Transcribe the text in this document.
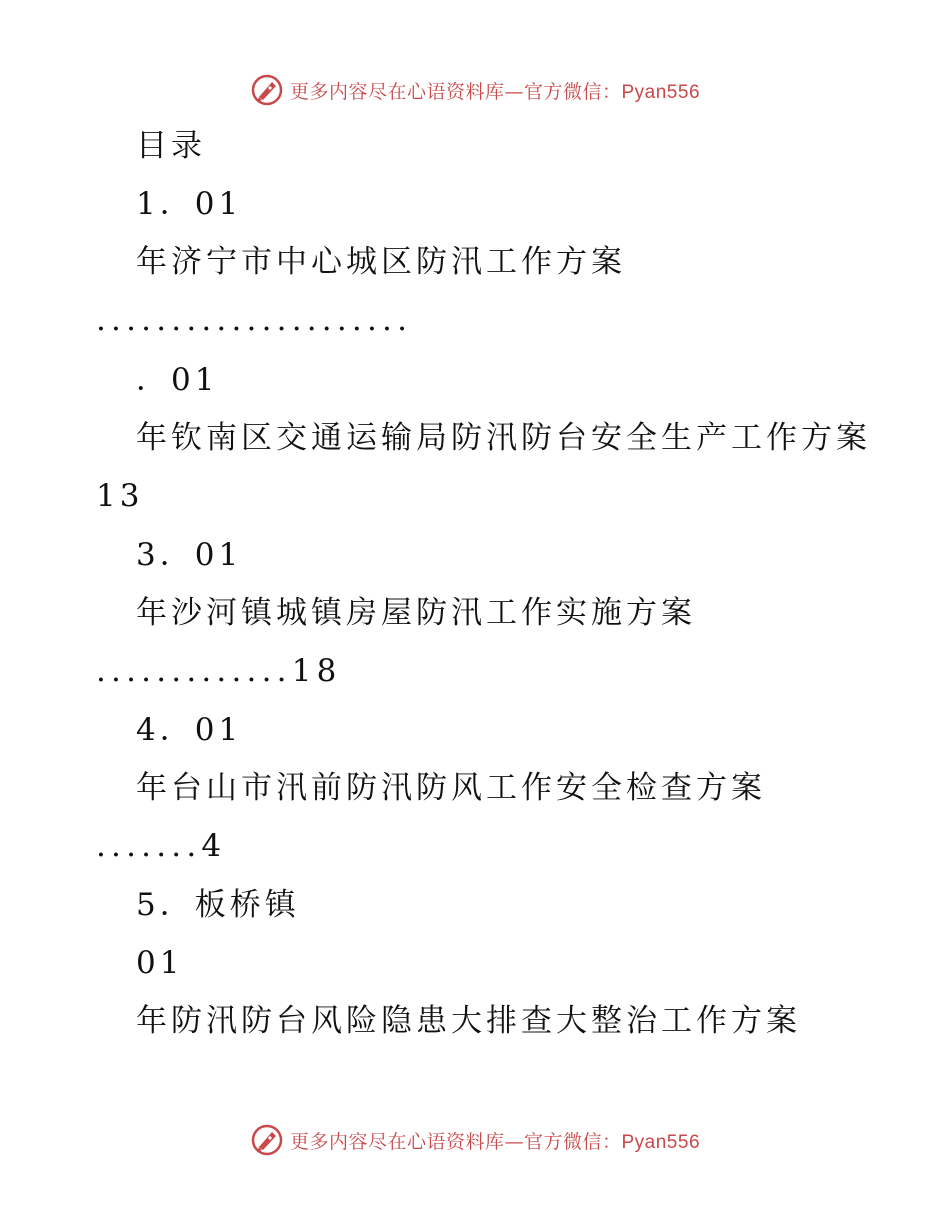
更多内容尽在心语资料库—官方微信：Pyan556
目录
1．01
年济宁市中心城区防汛工作方案
.....................
．01
年钦南区交通运输局防汛防台安全生产工作方案
13
3．01
年沙河镇城镇房屋防汛工作实施方案
.............18
4．01
年台山市汛前防汛防风工作安全检查方案
.......4
5．板桥镇
01
年防汛防台风险隐患大排查大整治工作方案
更多内容尽在心语资料库—官方微信：Pyan556
